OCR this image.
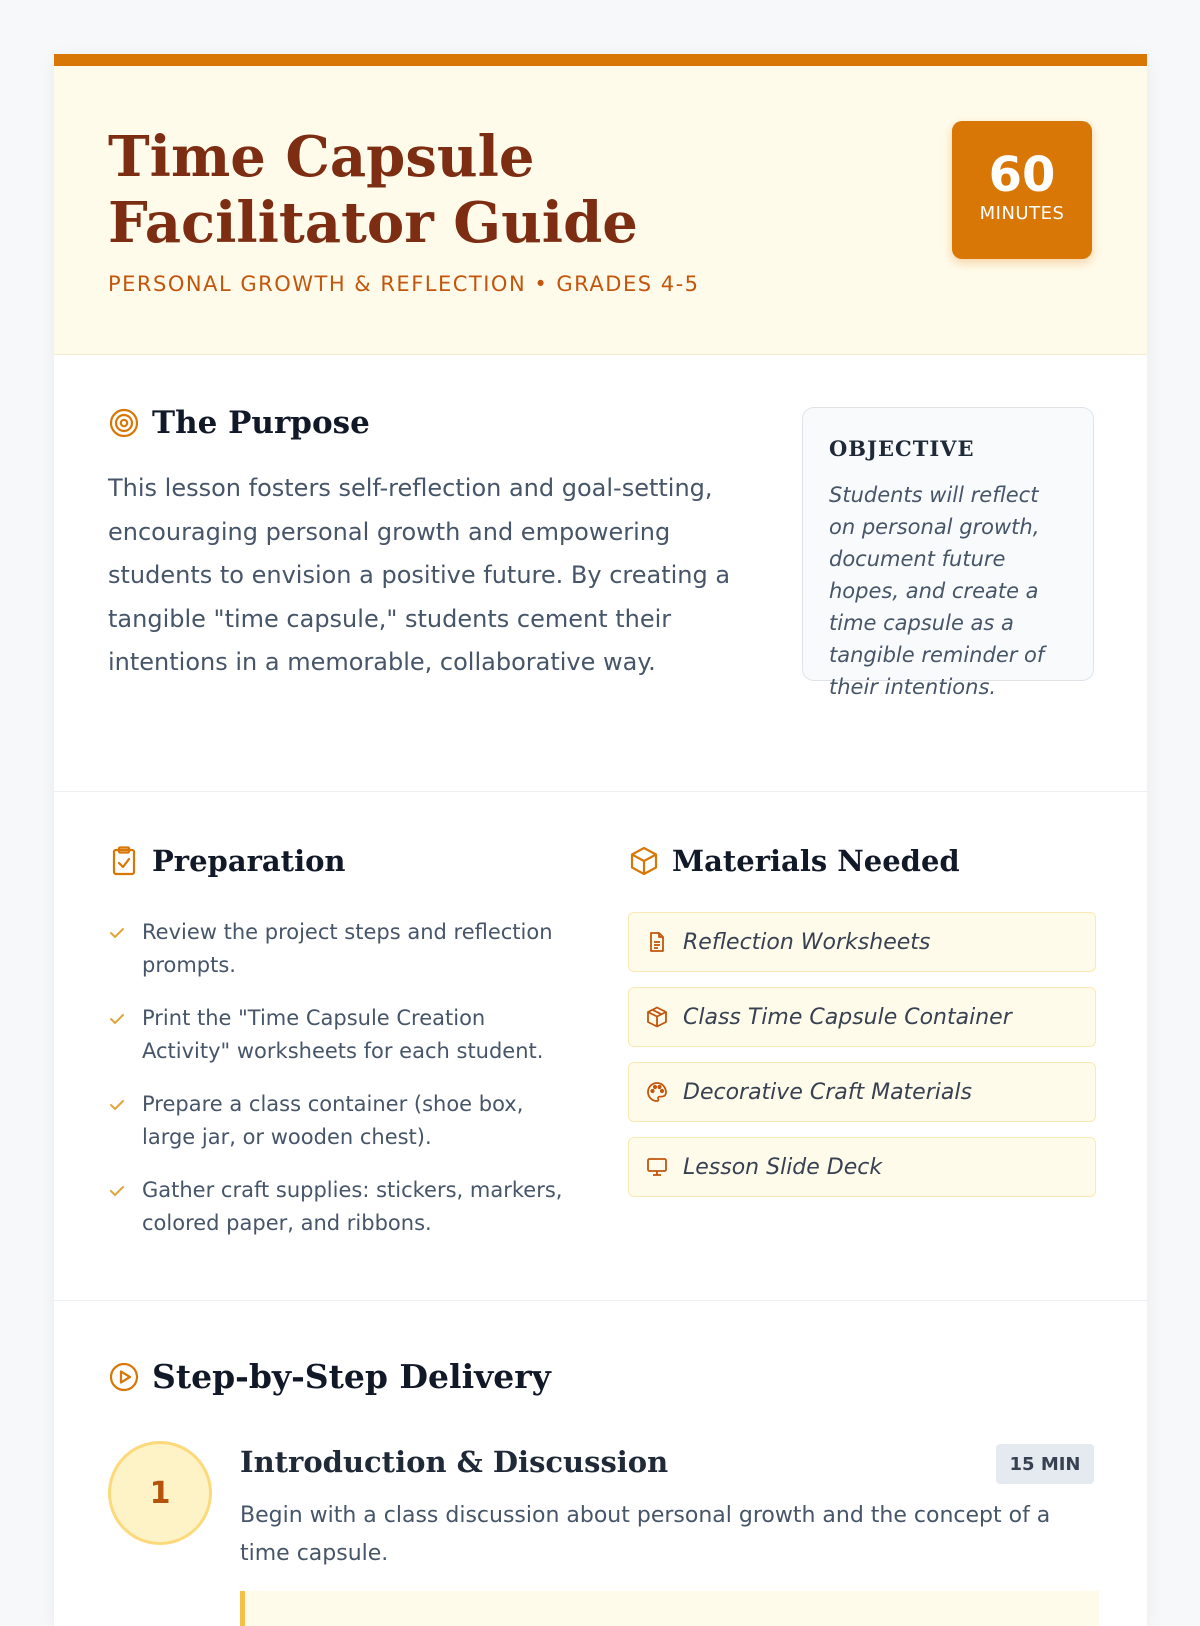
Time Capsule Facilitator Guide
PERSONAL GROWTH & REFLECTION • GRADES 4-5
60
MINUTES
The Purpose

This lesson fosters self-reflection and goal-setting, encouraging personal growth and empowering students to envision a positive future. By creating a tangible "time capsule," students cement their intentions in a memorable, collaborative way.

OBJECTIVE
Students will reflect on personal growth, document future hopes, and create a time capsule as a tangible reminder of their intentions.
Preparation
Review the project steps and reflection prompts.
Print the "Time Capsule Creation Activity" worksheets for each student.
Prepare a class container (shoe box, large jar, or wooden chest).
Gather craft supplies: stickers, markers, colored paper, and ribbons.
Materials Needed
Reflection Worksheets
Class Time Capsule Container
Decorative Craft Materials
Lesson Slide Deck
Step-by-Step Delivery
1
Introduction & Discussion	15 MIN

Begin with a class discussion about personal growth and the concept of a time capsule.
